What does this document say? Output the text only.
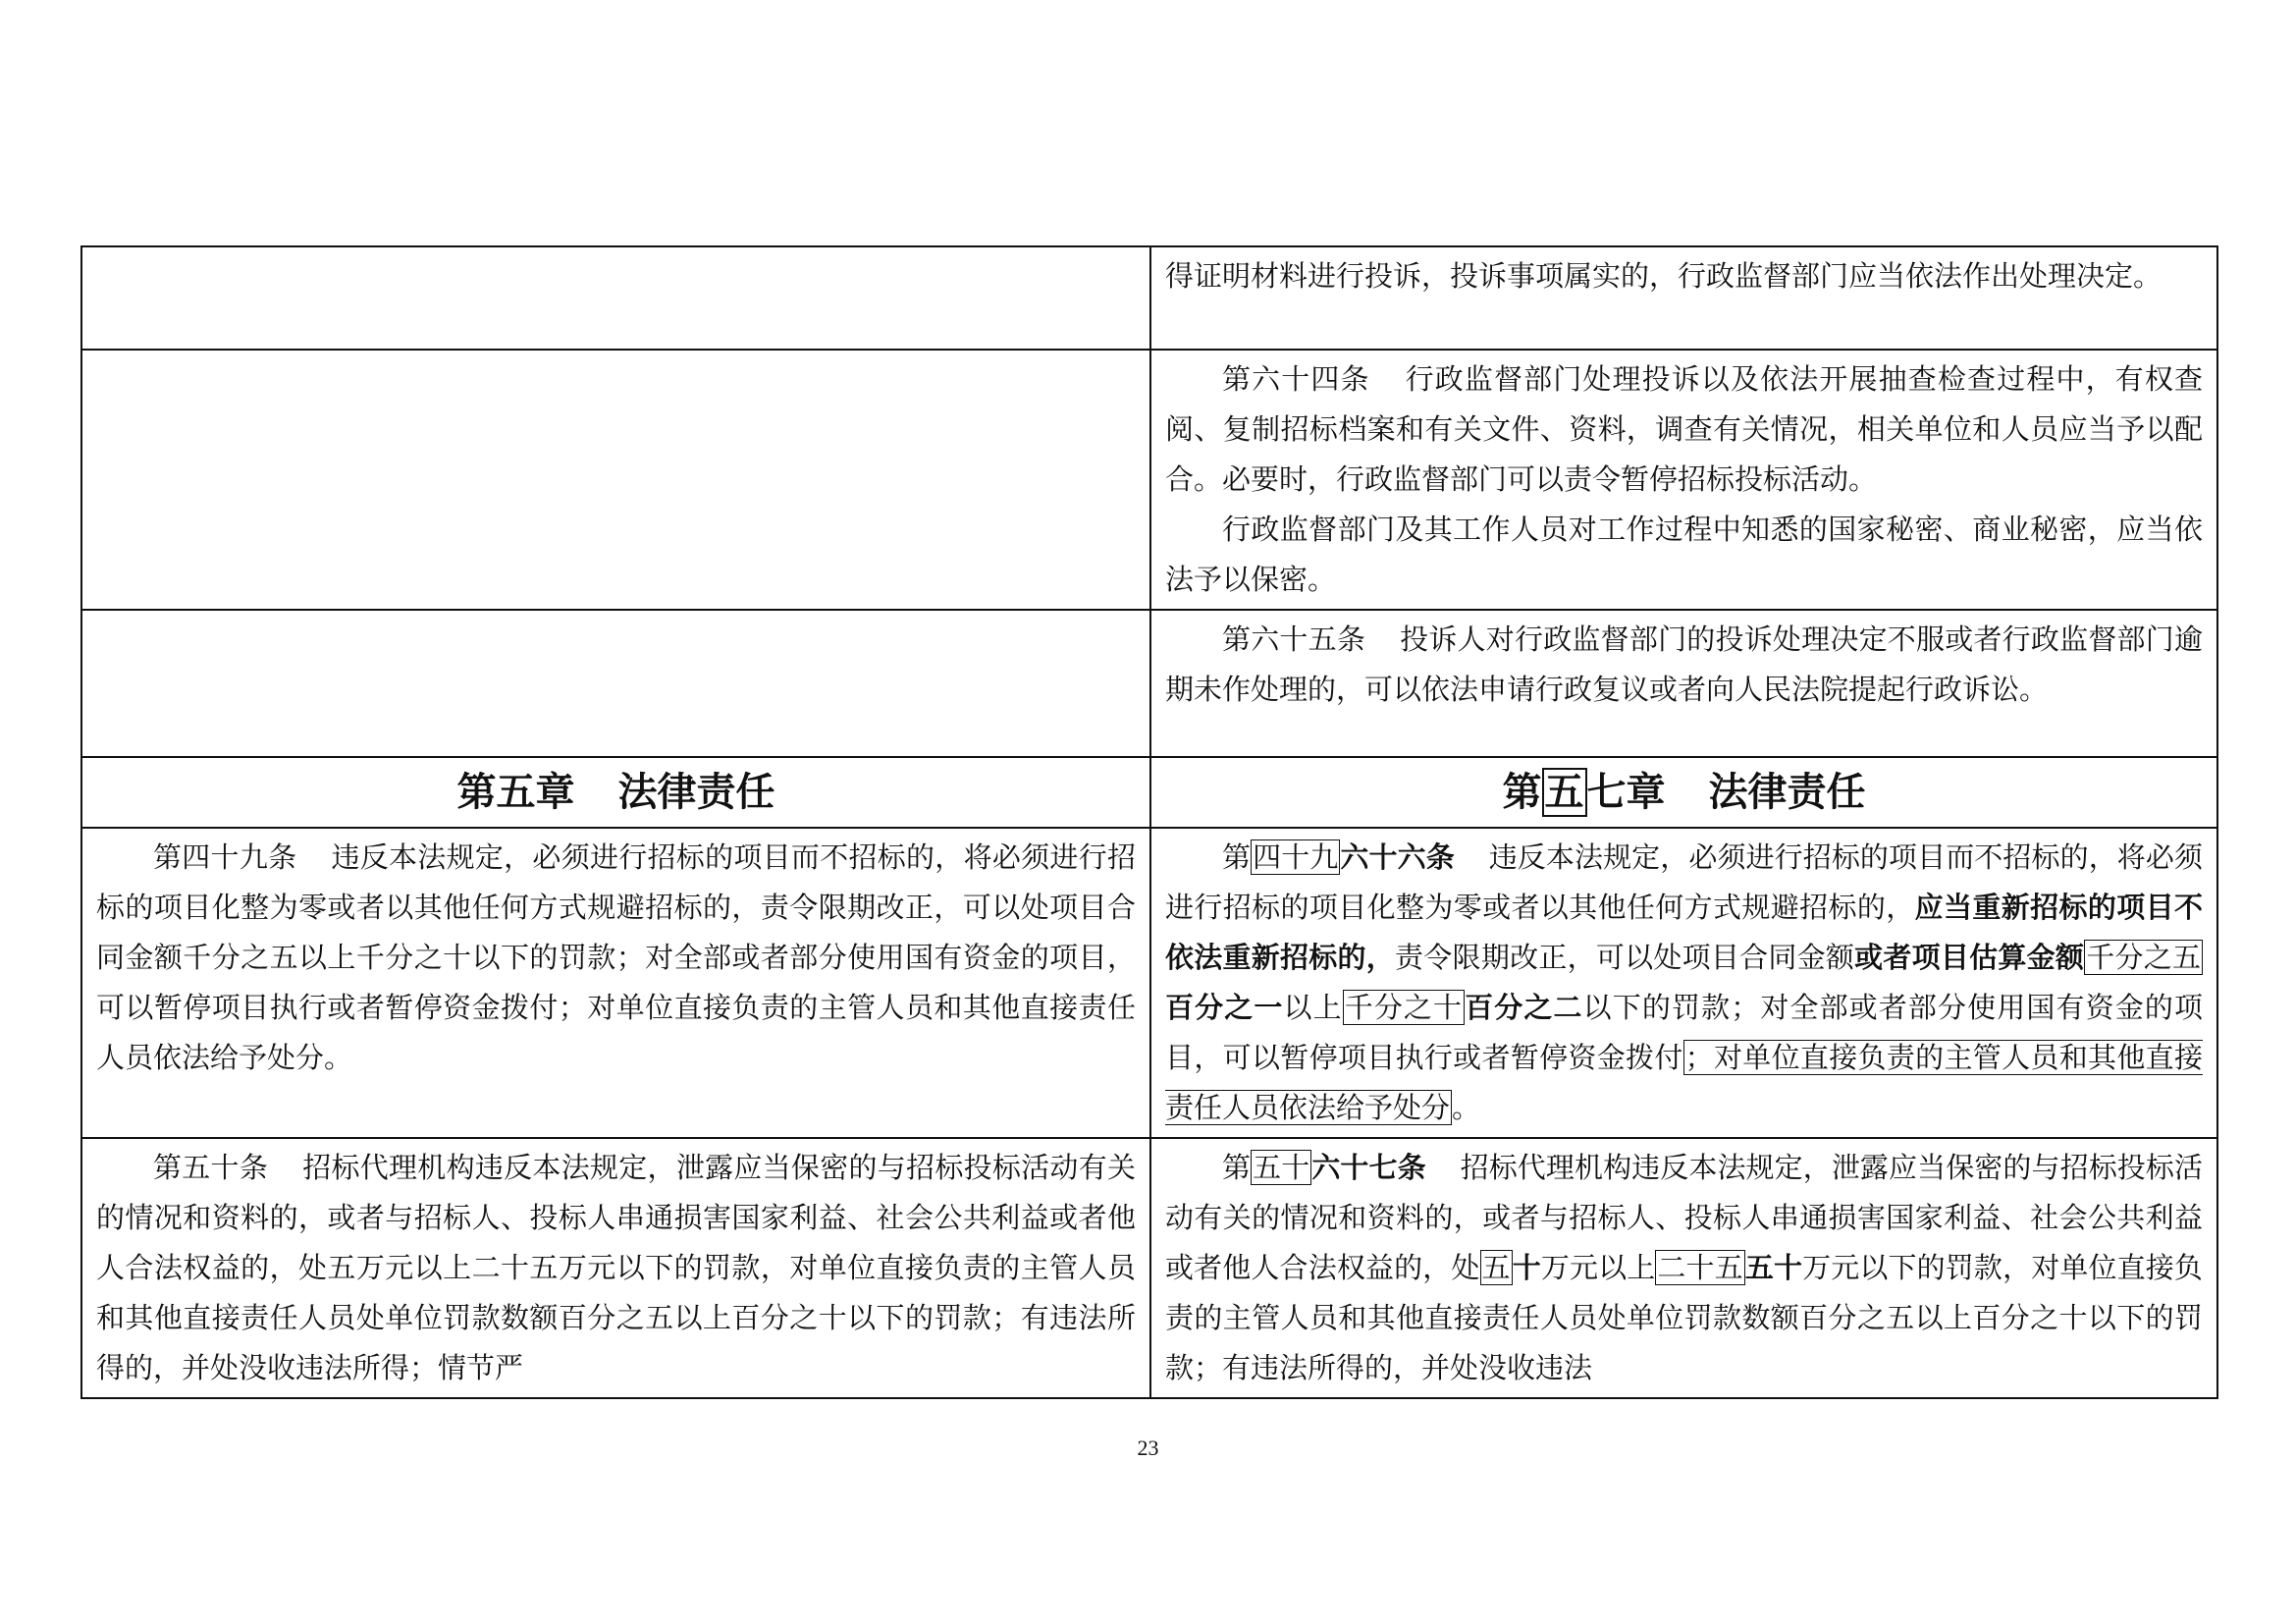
	得证明材料进行投诉，投诉事项属实的，行政监督部门应当依法作出处理决定。

	第六十四条 行政监督部门处理投诉以及依法开展抽查检查过程中，有权查阅、复制招标档案和有关文件、资料，调查有关情况，相关单位和人员应当予以配合。必要时，行政监督部门可以责令暂停招标投标活动。

行政监督部门及其工作人员对工作过程中知悉的国家秘密、商业秘密，应当依法予以保密。

	第六十五条 投诉人对行政监督部门的投诉处理决定不服或者行政监督部门逾期未作处理的，可以依法申请行政复议或者向人民法院提起行政诉讼。

第五章 法律责任	第五七章 法律责任

第四十九条 违反本法规定，必须进行招标的项目而不招标的，将必须进行招标的项目化整为零或者以其他任何方式规避招标的，责令限期改正，可以处项目合同金额千分之五以上千分之十以下的罚款；对全部或者部分使用国有资金的项目，可以暂停项目执行或者暂停资金拨付；对单位直接负责的主管人员和其他直接责任人员依法给予处分。	第四十九六十六条 违反本法规定，必须进行招标的项目而不招标的，将必须进行招标的项目化整为零或者以其他任何方式规避招标的，应当重新招标的项目不依法重新招标的，责令限期改正，可以处项目合同金额或者项目估算金额千分之五百分之一以上千分之十百分之二以下的罚款；对全部或者部分使用国有资金的项目，可以暂停项目执行或者暂停资金拨付；对单位直接负责的主管人员和其他直接责任人员依法给予处分。

第五十条 招标代理机构违反本法规定，泄露应当保密的与招标投标活动有关的情况和资料的，或者与招标人、投标人串通损害国家利益、社会公共利益或者他人合法权益的，处五万元以上二十五万元以下的罚款，对单位直接负责的主管人员和其他直接责任人员处单位罚款数额百分之五以上百分之十以下的罚款；有违法所得的，并处没收违法所得；情节严	第五十六十七条 招标代理机构违反本法规定，泄露应当保密的与招标投标活动有关的情况和资料的，或者与招标人、投标人串通损害国家利益、社会公共利益或者他人合法权益的，处五十万元以上二十五五十万元以下的罚款，对单位直接负责的主管人员和其他直接责任人员处单位罚款数额百分之五以上百分之十以下的罚款；有违法所得的，并处没收违法

23
